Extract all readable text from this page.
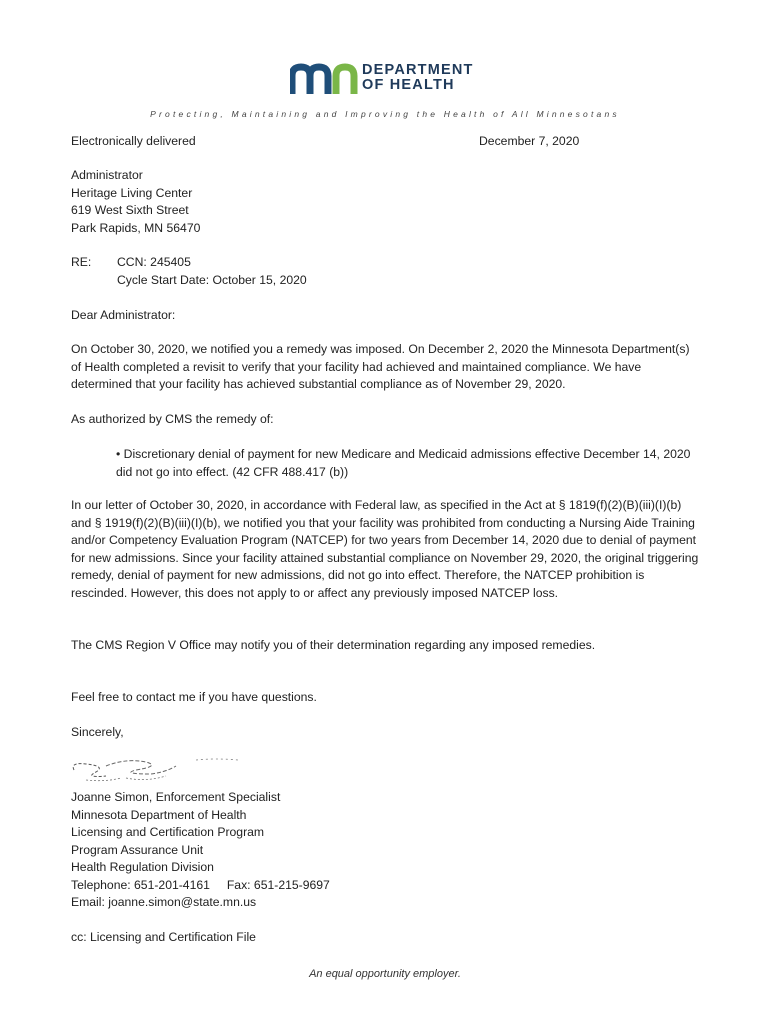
DEPARTMENT
OF HEALTH
Protecting, Maintaining and Improving the Health of All Minnesotans
Electronically delivered	December 7, 2020
Administrator
Heritage Living Center
619 West Sixth Street
Park Rapids, MN 56470
RE: CCN: 245405
Cycle Start Date: October 15, 2020
Dear Administrator:
On October 30, 2020, we notified you a remedy was imposed. On December 2, 2020 the Minnesota Department(s) of Health completed a revisit to verify that your facility had achieved and maintained compliance. We have determined that your facility has achieved substantial compliance as of November 29, 2020.
As authorized by CMS the remedy of:
• Discretionary denial of payment for new Medicare and Medicaid admissions effective December 14, 2020 did not go into effect. (42 CFR 488.417 (b))
In our letter of October 30, 2020, in accordance with Federal law, as specified in the Act at § 1819(f)(2)(B)(iii)(I)(b) and § 1919(f)(2)(B)(iii)(I)(b), we notified you that your facility was prohibited from conducting a Nursing Aide Training and/or Competency Evaluation Program (NATCEP) for two years from December 14, 2020 due to denial of payment for new admissions. Since your facility attained substantial compliance on November 29, 2020, the original triggering remedy, denial of payment for new admissions, did not go into effect. Therefore, the NATCEP prohibition is rescinded. However, this does not apply to or affect any previously imposed NATCEP loss.
The CMS Region V Office may notify you of their determination regarding any imposed remedies.
Feel free to contact me if you have questions.
Sincerely,
Joanne Simon, Enforcement Specialist
Minnesota Department of Health
Licensing and Certification Program
Program Assurance Unit
Health Regulation Division
Telephone: 651-201-4161     Fax: 651-215-9697
Email: joanne.simon@state.mn.us
cc: Licensing and Certification File
An equal opportunity employer.
